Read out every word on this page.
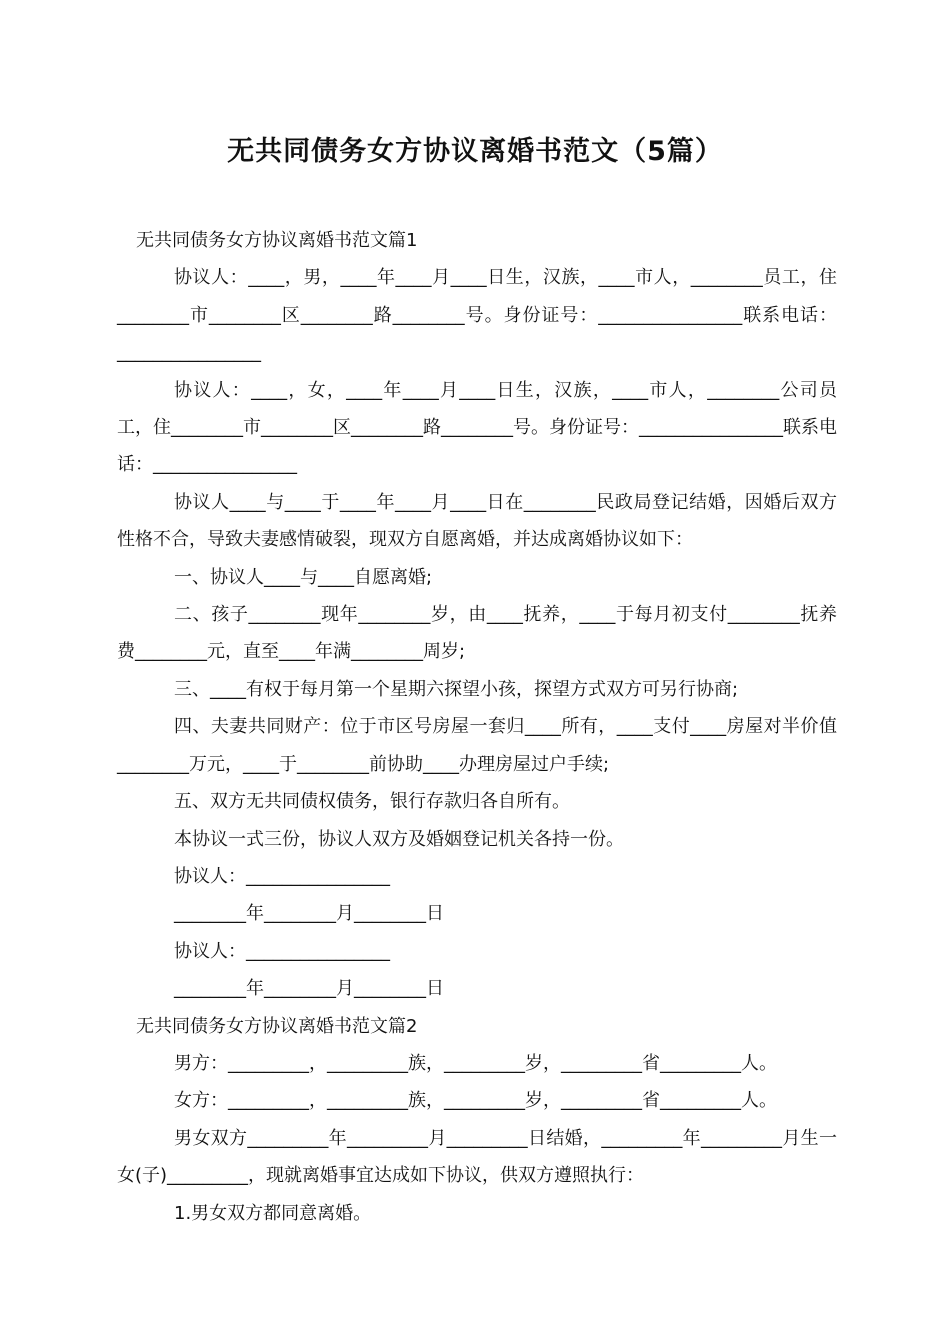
无共同债务女方协议离婚书范文（5篇）

无共同债务女方协议离婚书范文篇1

协议人：____，男，____年____月____日生，汉族，____市人，________员工，住________市________区________路________号。身份证号：________________联系电话：________________

协议人：____，女，____年____月____日生，汉族，____市人，________公司员工，住________市________区________路________号。身份证号：________________联系电话：________________

协议人____与____于____年____月____日在________民政局登记结婚，因婚后双方性格不合，导致夫妻感情破裂，现双方自愿离婚，并达成离婚协议如下：

一、协议人____与____自愿离婚;

二、孩子________现年________岁，由____抚养，____于每月初支付________抚养费________元，直至____年满________周岁;

三、____有权于每月第一个星期六探望小孩，探望方式双方可另行协商;

四、夫妻共同财产：位于市区号房屋一套归____所有，____支付____房屋对半价值________万元，____于________前协助____办理房屋过户手续;

五、双方无共同债权债务，银行存款归各自所有。

本协议一式三份，协议人双方及婚姻登记机关各持一份。

协议人：________________

________年________月________日

协议人：________________

________年________月________日

无共同债务女方协议离婚书范文篇2

男方：_________，_________族，_________岁，_________省_________人。

女方：_________，_________族，_________岁，_________省_________人。

男女双方_________年_________月_________日结婚，_________年_________月生一女(子)_________，现就离婚事宜达成如下协议，供双方遵照执行：

1.男女双方都同意离婚。
